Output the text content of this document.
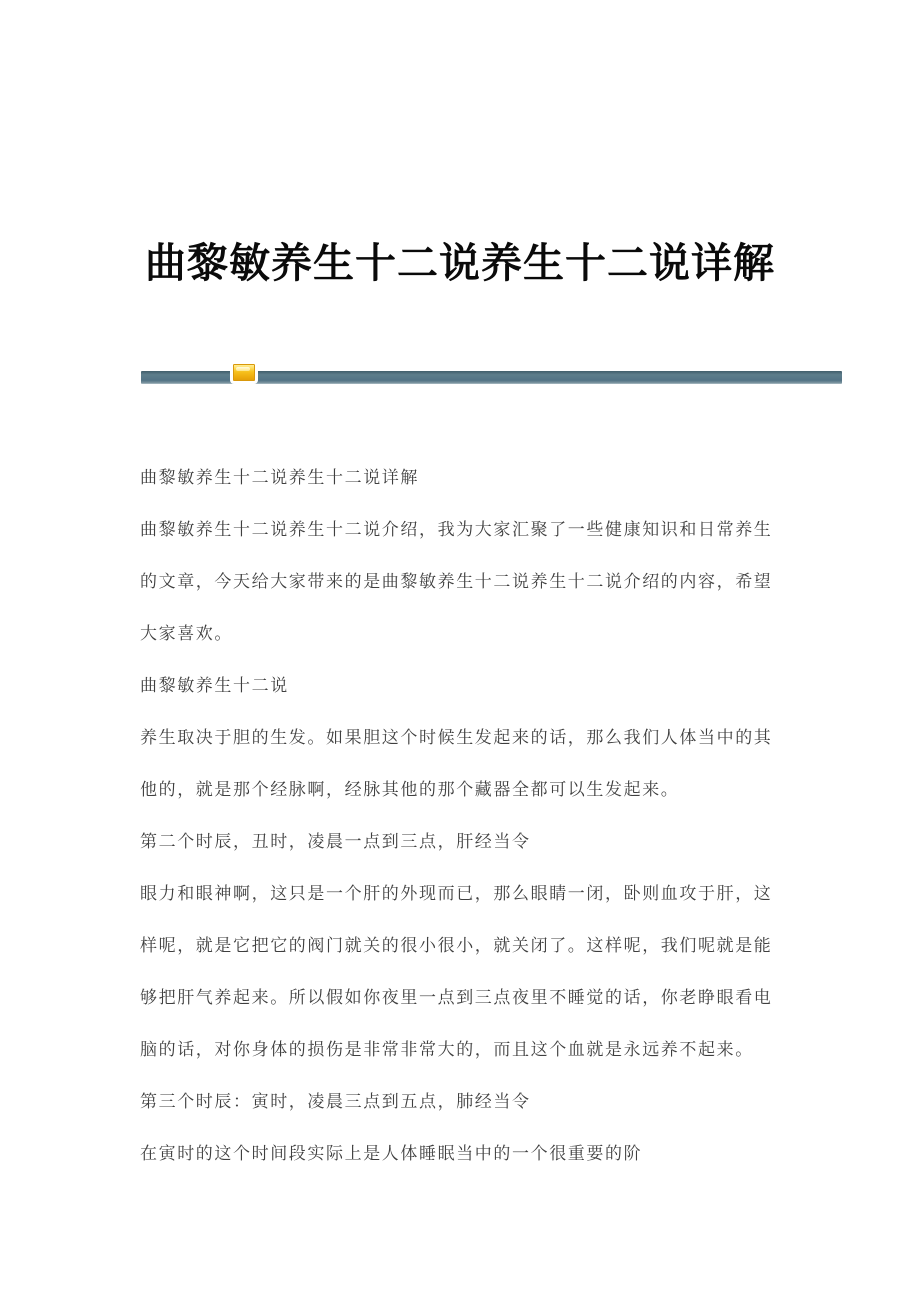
曲黎敏养生十二说养生十二说详解
曲黎敏养生十二说养生十二说详解
曲黎敏养生十二说养生十二说介绍，我为大家汇聚了一些健康知识和日常养生
的文章，今天给大家带来的是曲黎敏养生十二说养生十二说介绍的内容，希望
大家喜欢。
曲黎敏养生十二说
养生取决于胆的生发。如果胆这个时候生发起来的话，那么我们人体当中的其
他的，就是那个经脉啊，经脉其他的那个藏器全都可以生发起来。
第二个时辰，丑时，凌晨一点到三点，肝经当令
眼力和眼神啊，这只是一个肝的外现而已，那么眼睛一闭，卧则血攻于肝，这
样呢，就是它把它的阀门就关的很小很小，就关闭了。这样呢，我们呢就是能
够把肝气养起来。所以假如你夜里一点到三点夜里不睡觉的话，你老睁眼看电
脑的话，对你身体的损伤是非常非常大的，而且这个血就是永远养不起来。
第三个时辰：寅时，凌晨三点到五点，肺经当令
在寅时的这个时间段实际上是人体睡眠当中的一个很重要的阶
